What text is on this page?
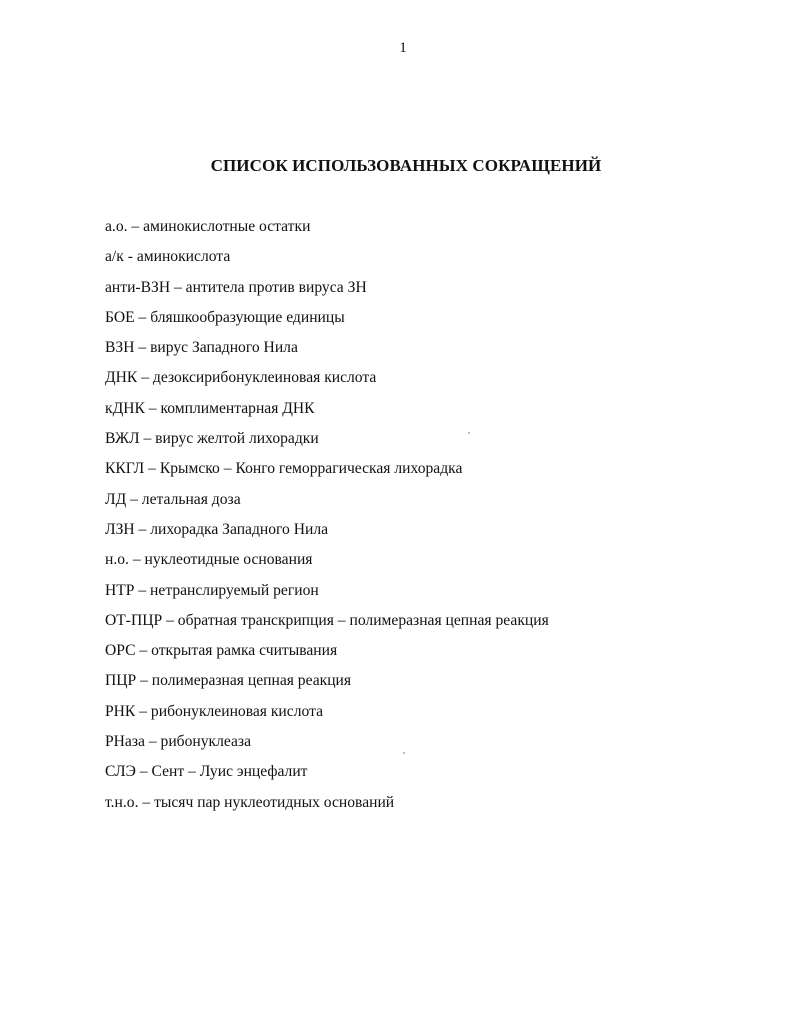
1
СПИСОК ИСПОЛЬЗОВАННЫХ СОКРАЩЕНИЙ
а.о. – аминокислотные остатки
а/к - аминокислота
анти-ВЗН – антитела против вируса ЗН
БОЕ – бляшкообразующие единицы
ВЗН – вирус Западного Нила
ДНК – дезоксирибонуклеиновая кислота
кДНК – комплиментарная ДНК
ВЖЛ – вирус желтой лихорадки
ККГЛ – Крымско – Конго геморрагическая лихорадка
ЛД – летальная доза
ЛЗН – лихорадка Западного Нила
н.о. – нуклеотидные основания
НТР – нетранслируемый регион
ОТ-ПЦР – обратная транскрипция – полимеразная цепная реакция
ОРС – открытая рамка считывания
ПЦР – полимеразная цепная реакция
РНК – рибонуклеиновая кислота
РНаза – рибонуклеаза
СЛЭ – Сент – Луис энцефалит
т.н.о. – тысяч пар нуклеотидных оснований
